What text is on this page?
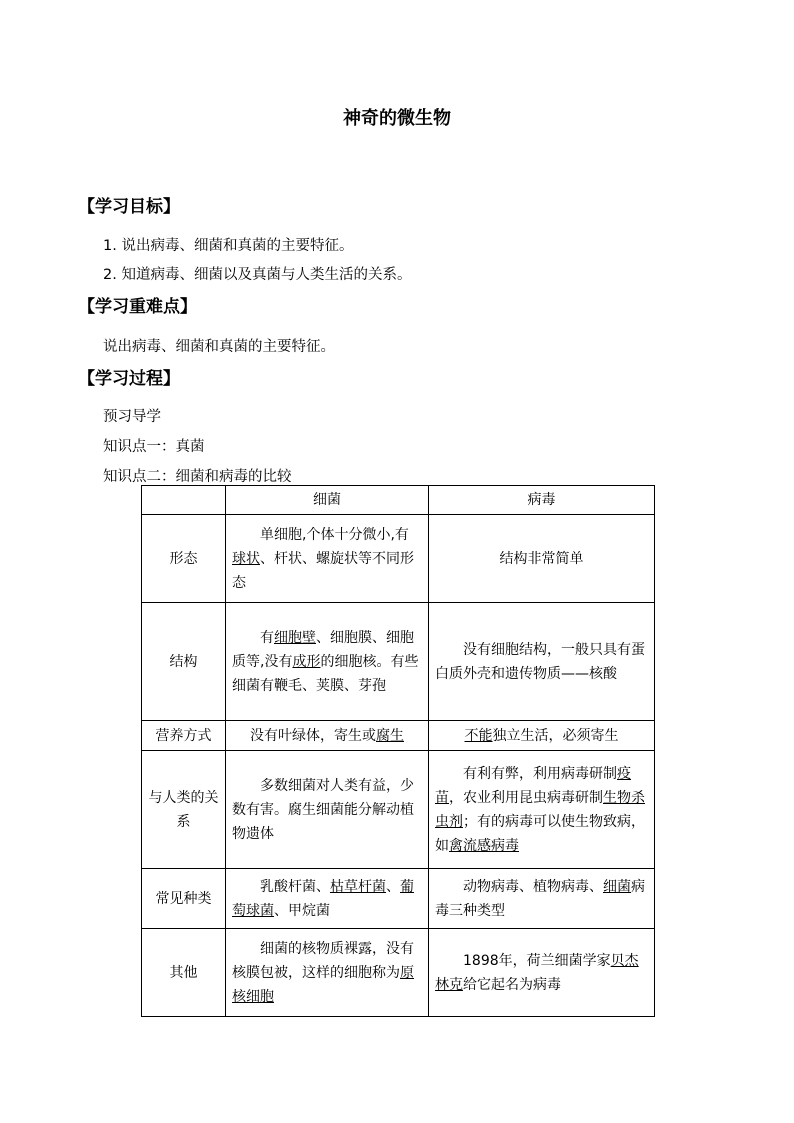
神奇的微生物
【学习目标】
1. 说出病毒、细菌和真菌的主要特征。
2. 知道病毒、细菌以及真菌与人类生活的关系。
【学习重难点】
说出病毒、细菌和真菌的主要特征。
【学习过程】
预习导学
知识点一：真菌
知识点二：细菌和病毒的比较
	细菌	病毒
形态	单细胞,个体十分微小,有球状、杆状、螺旋状等不同形态	结构非常简单
结构	有细胞壁、细胞膜、细胞质等,没有成形的细胞核。有些细菌有鞭毛、荚膜、芽孢	没有细胞结构，一般只具有蛋白质外壳和遗传物质——核酸
营养方式	没有叶绿体，寄生或腐生	不能独立生活，必须寄生
与人类的关系	多数细菌对人类有益，少数有害。腐生细菌能分解动植物遗体	有利有弊，利用病毒研制疫苗，农业利用昆虫病毒研制生物杀虫剂；有的病毒可以使生物致病，如禽流感病毒
常见种类	乳酸杆菌、枯草杆菌、葡萄球菌、甲烷菌	动物病毒、植物病毒、细菌病毒三种类型
其他	细菌的核物质裸露，没有核膜包被，这样的细胞称为原核细胞	1898年，荷兰细菌学家贝杰林克给它起名为病毒
